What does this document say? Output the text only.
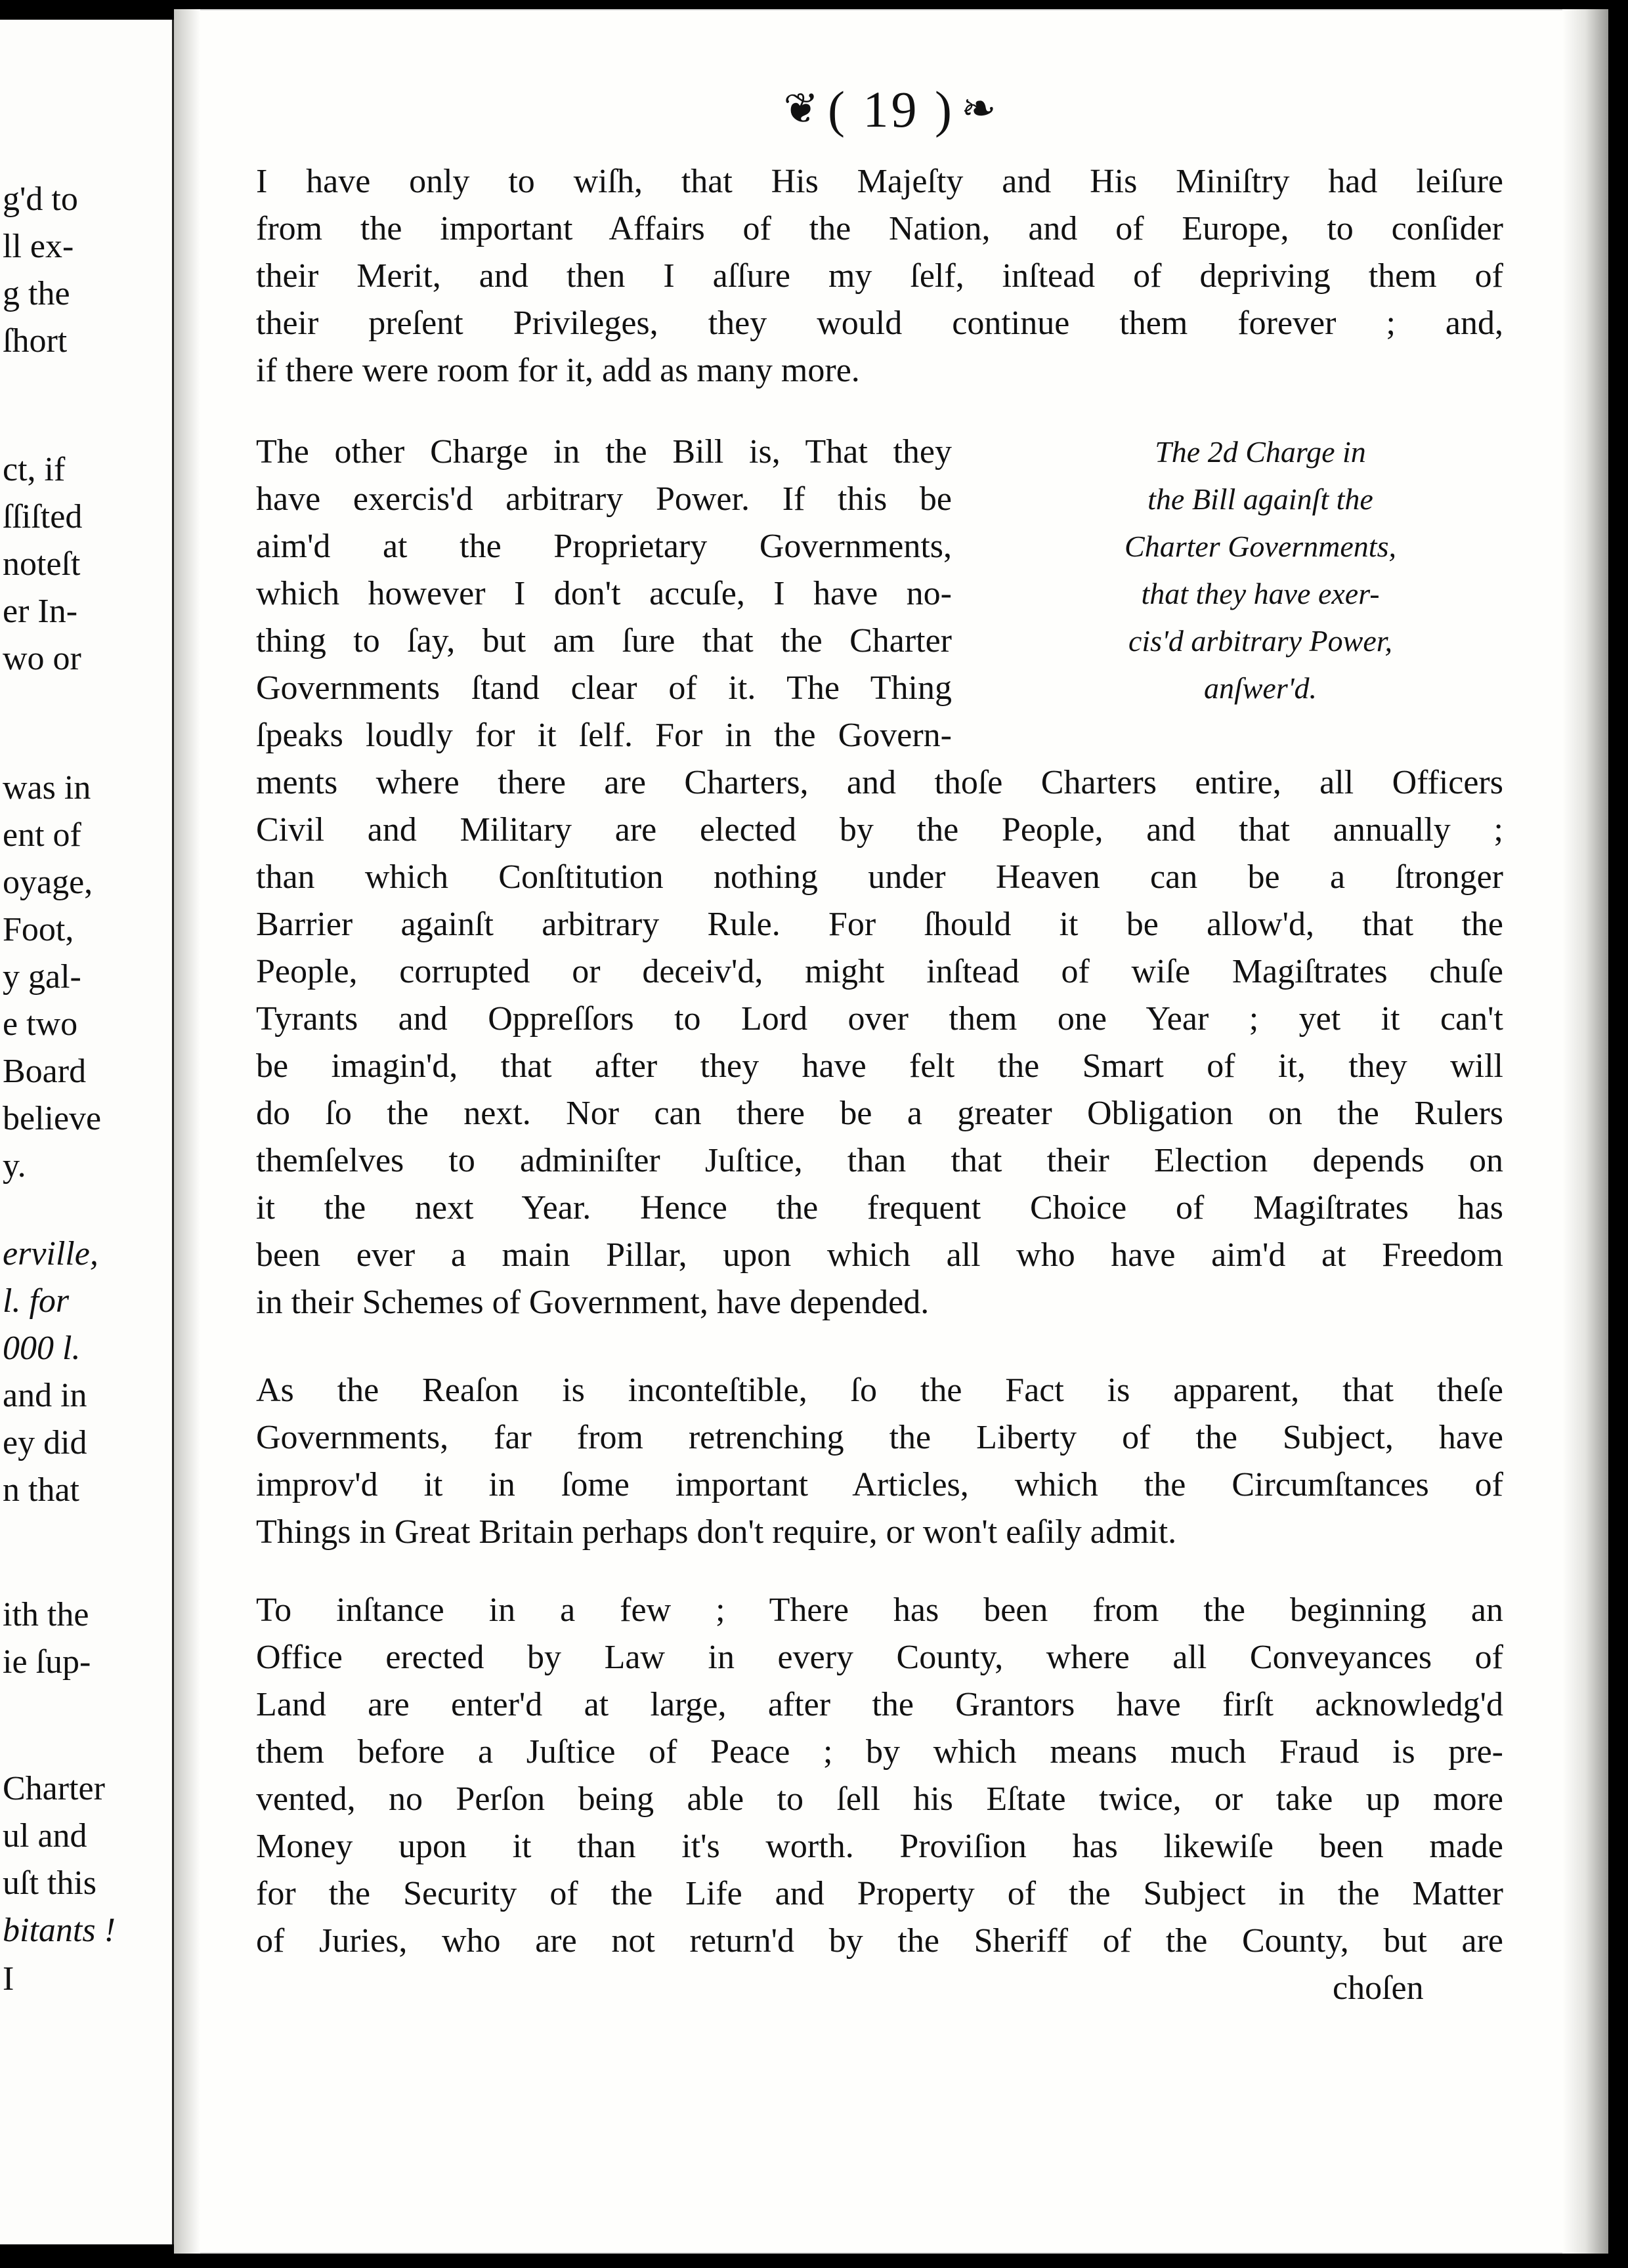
g'd to
ll ex-
g the
ſhort
ct, if
ſſiſted
noteſt
er In-
wo or
was in
ent of
oyage,
Foot,
y gal-
e two
Board
believe
y.
erville,
l. for
000 l.
and in
ey did
n that
ith the
ie ſup-
Charter
ul and
uſt this
bitants !
I
❦ ( 19 ) ❧
I have only to wiſh, that His Majeſty and His Miniſtry had leiſure
from the important Affairs of the Nation, and of Europe, to conſider
their Merit, and then I aſſure my ſelf, inſtead of depriving them of
their preſent Privileges, they would continue them forever ; and,
if there were room for it, add as many more.
The other Charge in the Bill is, That they
have exercis'd arbitrary Power. If this be
aim'd at the Proprietary Governments,
which however I don't accuſe, I have no-
thing to ſay, but am ſure that the Charter
Governments ſtand clear of it. The Thing
ſpeaks loudly for it ſelf. For in the Govern-
ments where there are Charters, and thoſe Charters entire, all Officers
Civil and Military are elected by the People, and that annually ;
than which Conſtitution nothing under Heaven can be a ſtronger
Barrier againſt arbitrary Rule. For ſhould it be allow'd, that the
People, corrupted or deceiv'd, might inſtead of wiſe Magiſtrates chuſe
Tyrants and Oppreſſors to Lord over them one Year ; yet it can't
be imagin'd, that after they have felt the Smart of it, they will
do ſo the next. Nor can there be a greater Obligation on the Rulers
themſelves to adminiſter Juſtice, than that their Election depends on
it the next Year. Hence the frequent Choice of Magiſtrates has
been ever a main Pillar, upon which all who have aim'd at Freedom
in their Schemes of Government, have depended.
The 2d Charge in
the Bill againſt the
Charter Governments,
that they have exer-
cis'd arbitrary Power,
anſwer'd.
As the Reaſon is inconteſtible, ſo the Fact is apparent, that theſe
Governments, far from retrenching the Liberty of the Subject, have
improv'd it in ſome important Articles, which the Circumſtances of
Things in Great Britain perhaps don't require, or won't eaſily admit.
To inſtance in a few ; There has been from the beginning an
Office erected by Law in every County, where all Conveyances of
Land are enter'd at large, after the Grantors have firſt acknowledg'd
them before a Juſtice of Peace ; by which means much Fraud is pre-
vented, no Perſon being able to ſell his Eſtate twice, or take up more
Money upon it than it's worth. Proviſion has likewiſe been made
for the Security of the Life and Property of the Subject in the Matter
of Juries, who are not return'd by the Sheriff of the County, but are
choſen
